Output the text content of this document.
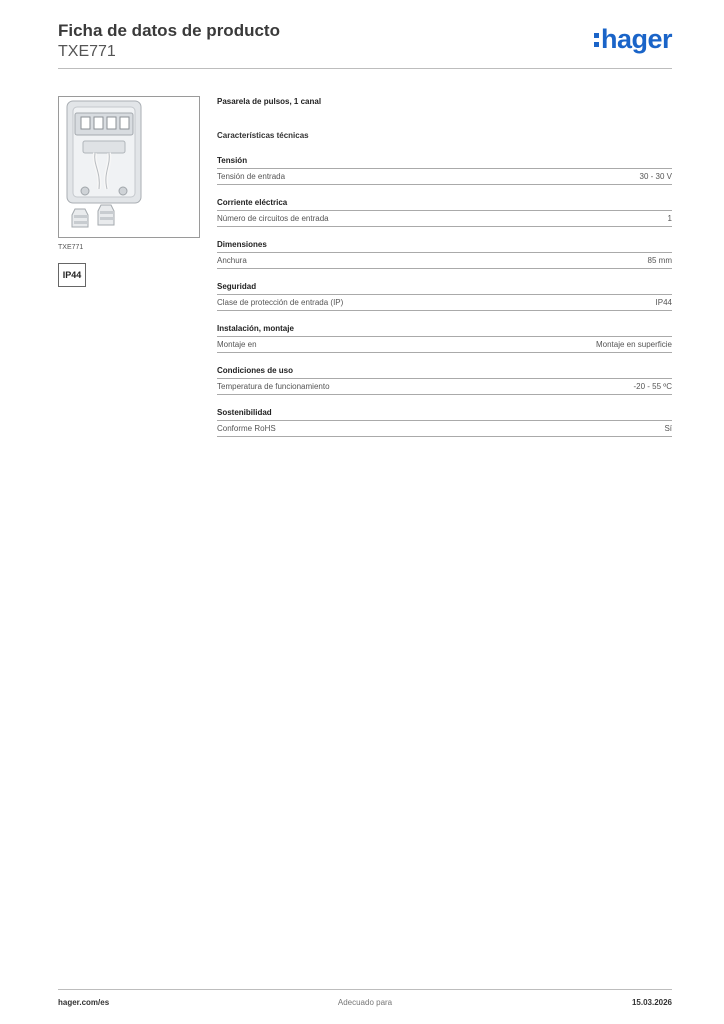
Ficha de datos de producto
TXE771	hager
TXE771
IP44
Pasarela de pulsos, 1 canal
Características técnicas
Tensión
Tensión de entrada	30 - 30 V
Corriente eléctrica
Número de circuitos de entrada	1
Dimensiones
Anchura	85 mm
Seguridad
Clase de protección de entrada (IP)	IP44
Instalación, montaje
Montaje en	Montaje en superficie
Condiciones de uso
Temperatura de funcionamiento	-20 - 55 ºC
Sostenibilidad
Conforme RoHS	Sí
hager.com/es	Adecuado para	15.03.2026
